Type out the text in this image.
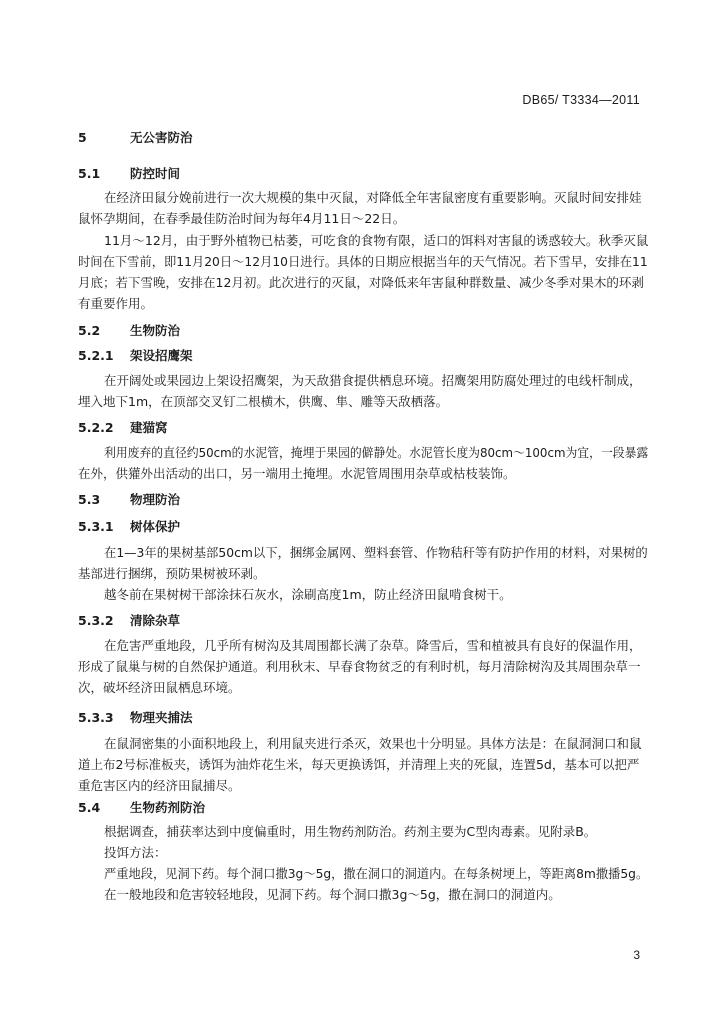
DB65/ T3334—2011
5	无公害防治
5.1 防控时间
在经济田鼠分娩前进行一次大规模的集中灭鼠，对降低全年害鼠密度有重要影响。灭鼠时间安排娃
鼠怀孕期间，在春季最佳防治时间为每年4月11日～22日。
11月～12月，由于野外植物已枯萎，可吃食的食物有限，适口的饵料对害鼠的诱惑较大。秋季灭鼠
时间在下雪前，即11月20日～12月10日进行。具体的日期应根据当年的天气情况。若下雪早，安排在11
月底；若下雪晚，安排在12月初。此次进行的灭鼠，对降低来年害鼠种群数量、减少冬季对果木的环剥
有重要作用。
5.2 生物防治
5.2.1 架设招鹰架
在开阔处或果园边上架设招鹰架，为天敌猎食提供栖息环境。招鹰架用防腐处理过的电线杆制成，
埋入地下1m，在顶部交叉钉二根横木，供鹰、隼、雕等天敌栖落。
5.2.2 建猫窝
利用废弃的直径约50cm的水泥管，掩埋于果园的僻静处。水泥管长度为80cm～100cm为宜，一段暴露
在外，供獾外出活动的出口，另一端用土掩埋。水泥管周围用杂草或枯枝装饰。
5.3 物理防治
5.3.1 树体保护
在1—3年的果树基部50cm以下，捆绑金属网、塑料套管、作物秸秆等有防护作用的材料，对果树的
基部进行捆绑，预防果树被环剥。
越冬前在果树树干部涂抹石灰水，涂刷高度1m，防止经济田鼠啃食树干。
5.3.2 清除杂草
在危害严重地段，几乎所有树沟及其周围都长满了杂草。降雪后，雪和植被具有良好的保温作用，
形成了鼠巢与树的自然保护通道。利用秋末、早春食物贫乏的有利时机，每月清除树沟及其周围杂草一
次，破坏经济田鼠栖息环境。
5.3.3 物理夹捕法
在鼠洞密集的小面积地段上，利用鼠夹进行杀灭，效果也十分明显。具体方法是：在鼠洞洞口和鼠
道上布2号标准板夹，诱饵为油炸花生米，每天更换诱饵，并清理上夹的死鼠，连置5d，基本可以把严
重危害区内的经济田鼠捕尽。
5.4 生物药剂防治
根据调查，捕获率达到中度偏重时，用生物药剂防治。药剂主要为C型肉毒素。见附录B。
投饵方法：
严重地段，见洞下药。每个洞口撒3g～5g，撒在洞口的洞道内。在每条树埂上，等距离8m撒播5g。
在一般地段和危害较轻地段，见洞下药。每个洞口撒3g～5g，撒在洞口的洞道内。
3
